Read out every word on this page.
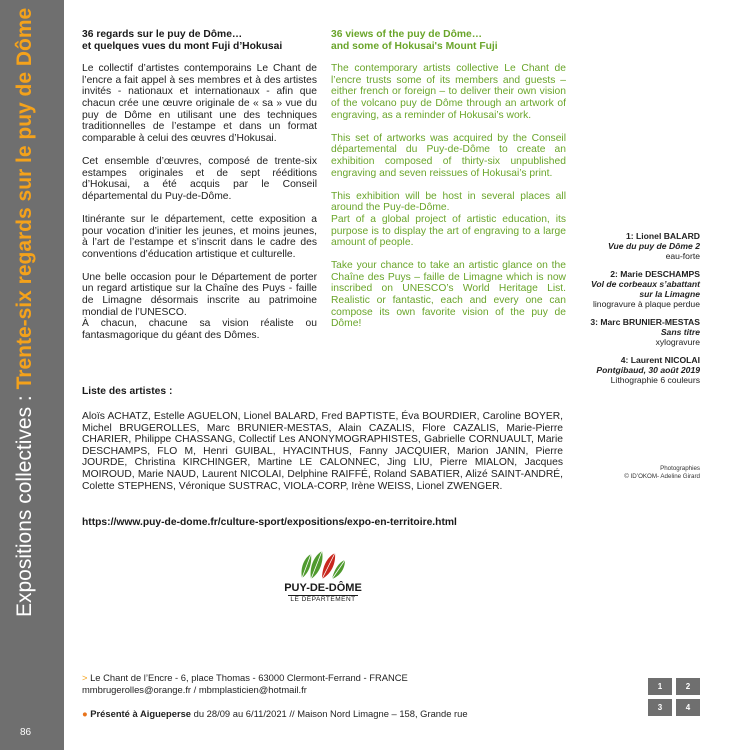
Expositions collectives : Trente-six regards sur le puy de Dôme
86
36 regards sur le puy de Dôme…
et quelques vues du mont Fuji d’Hokusai

Le collectif d’artistes contemporains Le Chant de l’encre a fait appel à ses membres et à des artistes invités - nationaux et internationaux - afin que chacun crée une œuvre originale de « sa » vue du puy de Dôme en utilisant une des techniques traditionnelles de l’estampe et dans un format comparable à celui des œuvres d’Hokusai.

Cet ensemble d’œuvres, composé de trente-six estampes originales et de sept rééditions d’Hokusai, a été acquis par le Conseil départemental du Puy-de-Dôme.

Itinérante sur le département, cette exposition a pour vocation d’initier les jeunes, et moins jeunes, à l’art de l’estampe et s’inscrit dans le cadre des conventions d’éducation artistique et culturelle.

Une belle occasion pour le Département de porter un regard artistique sur la Chaîne des Puys - faille de Limagne désormais inscrite au patrimoine mondial de l’UNESCO.

À chacun, chacune sa vision réaliste ou fantasmagorique du géant des Dômes.

36 views of the puy de Dôme…
and some of Hokusai's Mount Fuji

The contemporary artists collective Le Chant de l’encre trusts some of its members and guests – either french or foreign – to deliver their own vision of the volcano puy de Dôme through an artwork of engraving, as a reminder of Hokusai’s work.

This set of artworks was acquired by the Conseil départemental du Puy-de-Dôme to create an exhibition composed of thirty-six unpublished engraving and seven reissues of Hokusai’s print.

This exhibition will be host in several places all around the Puy-de-Dôme.

Part of a global project of artistic education, its purpose is to display the art of engraving to a large amount of people.

Take your chance to take an artistic glance on the Chaîne des Puys – faille de Limagne which is now inscribed on UNESCO’s World Heritage List. Realistic or fantastic, each and every one can compose its own favorite vision of the puy de Dôme!

1: Lionel BALARD
Vue du puy de Dôme 2
eau-forte
2: Marie DESCHAMPS
Vol de corbeaux s’abattant sur la Limagne
linogravure à plaque perdue
3: Marc BRUNIER-MESTAS
Sans titre
xylogravure
4: Laurent NICOLAI
Pontgibaud, 30 août 2019
Lithographie 6 couleurs
Photographies
© ID’OKOM- Adeline Girard
Liste des artistes :
Aloïs ACHATZ, Estelle AGUELON, Lionel BALARD, Fred BAPTISTE, Éva BOURDIER, Caroline BOYER, Michel BRUGEROLLES, Marc BRUNIER-MESTAS, Alain CAZALIS, Flore CAZALIS, Marie-Pierre CHARIER, Philippe CHASSANG, Collectif Les ANONYMOGRAPHISTES, Gabrielle CORNUAULT, Marie DESCHAMPS, FLO M, Henri GUIBAL, HYACINTHUS, Fanny JACQUIER, Marion JANIN, Pierre JOURDE, Christina KIRCHINGER, Martine LE CALONNEC, Jing LIU, Pierre MIALON, Jacques MOIROUD, Marie NAUD, Laurent NICOLAI, Delphine RAIFFÉ, Roland SABATIER, Alizé SAINT-ANDRÉ, Colette STEPHENS, Véronique SUSTRAC, VIOLA-CORP, Irène WEISS, Lionel ZWENGER.
https://www.puy-de-dome.fr/culture-sport/expositions/expo-en-territoire.html
PUY-DE-DÔME
LE DÉPARTEMENT
> Le Chant de l’Encre - 6, place Thomas - 63000 Clermont-Ferrand - FRANCE
mmbrugerolles@orange.fr / mbmplasticien@hotmail.fr
● Présenté à Aigueperse du 28/09 au 6/11/2021 // Maison Nord Limagne – 158, Grande rue
1	2
3	4
